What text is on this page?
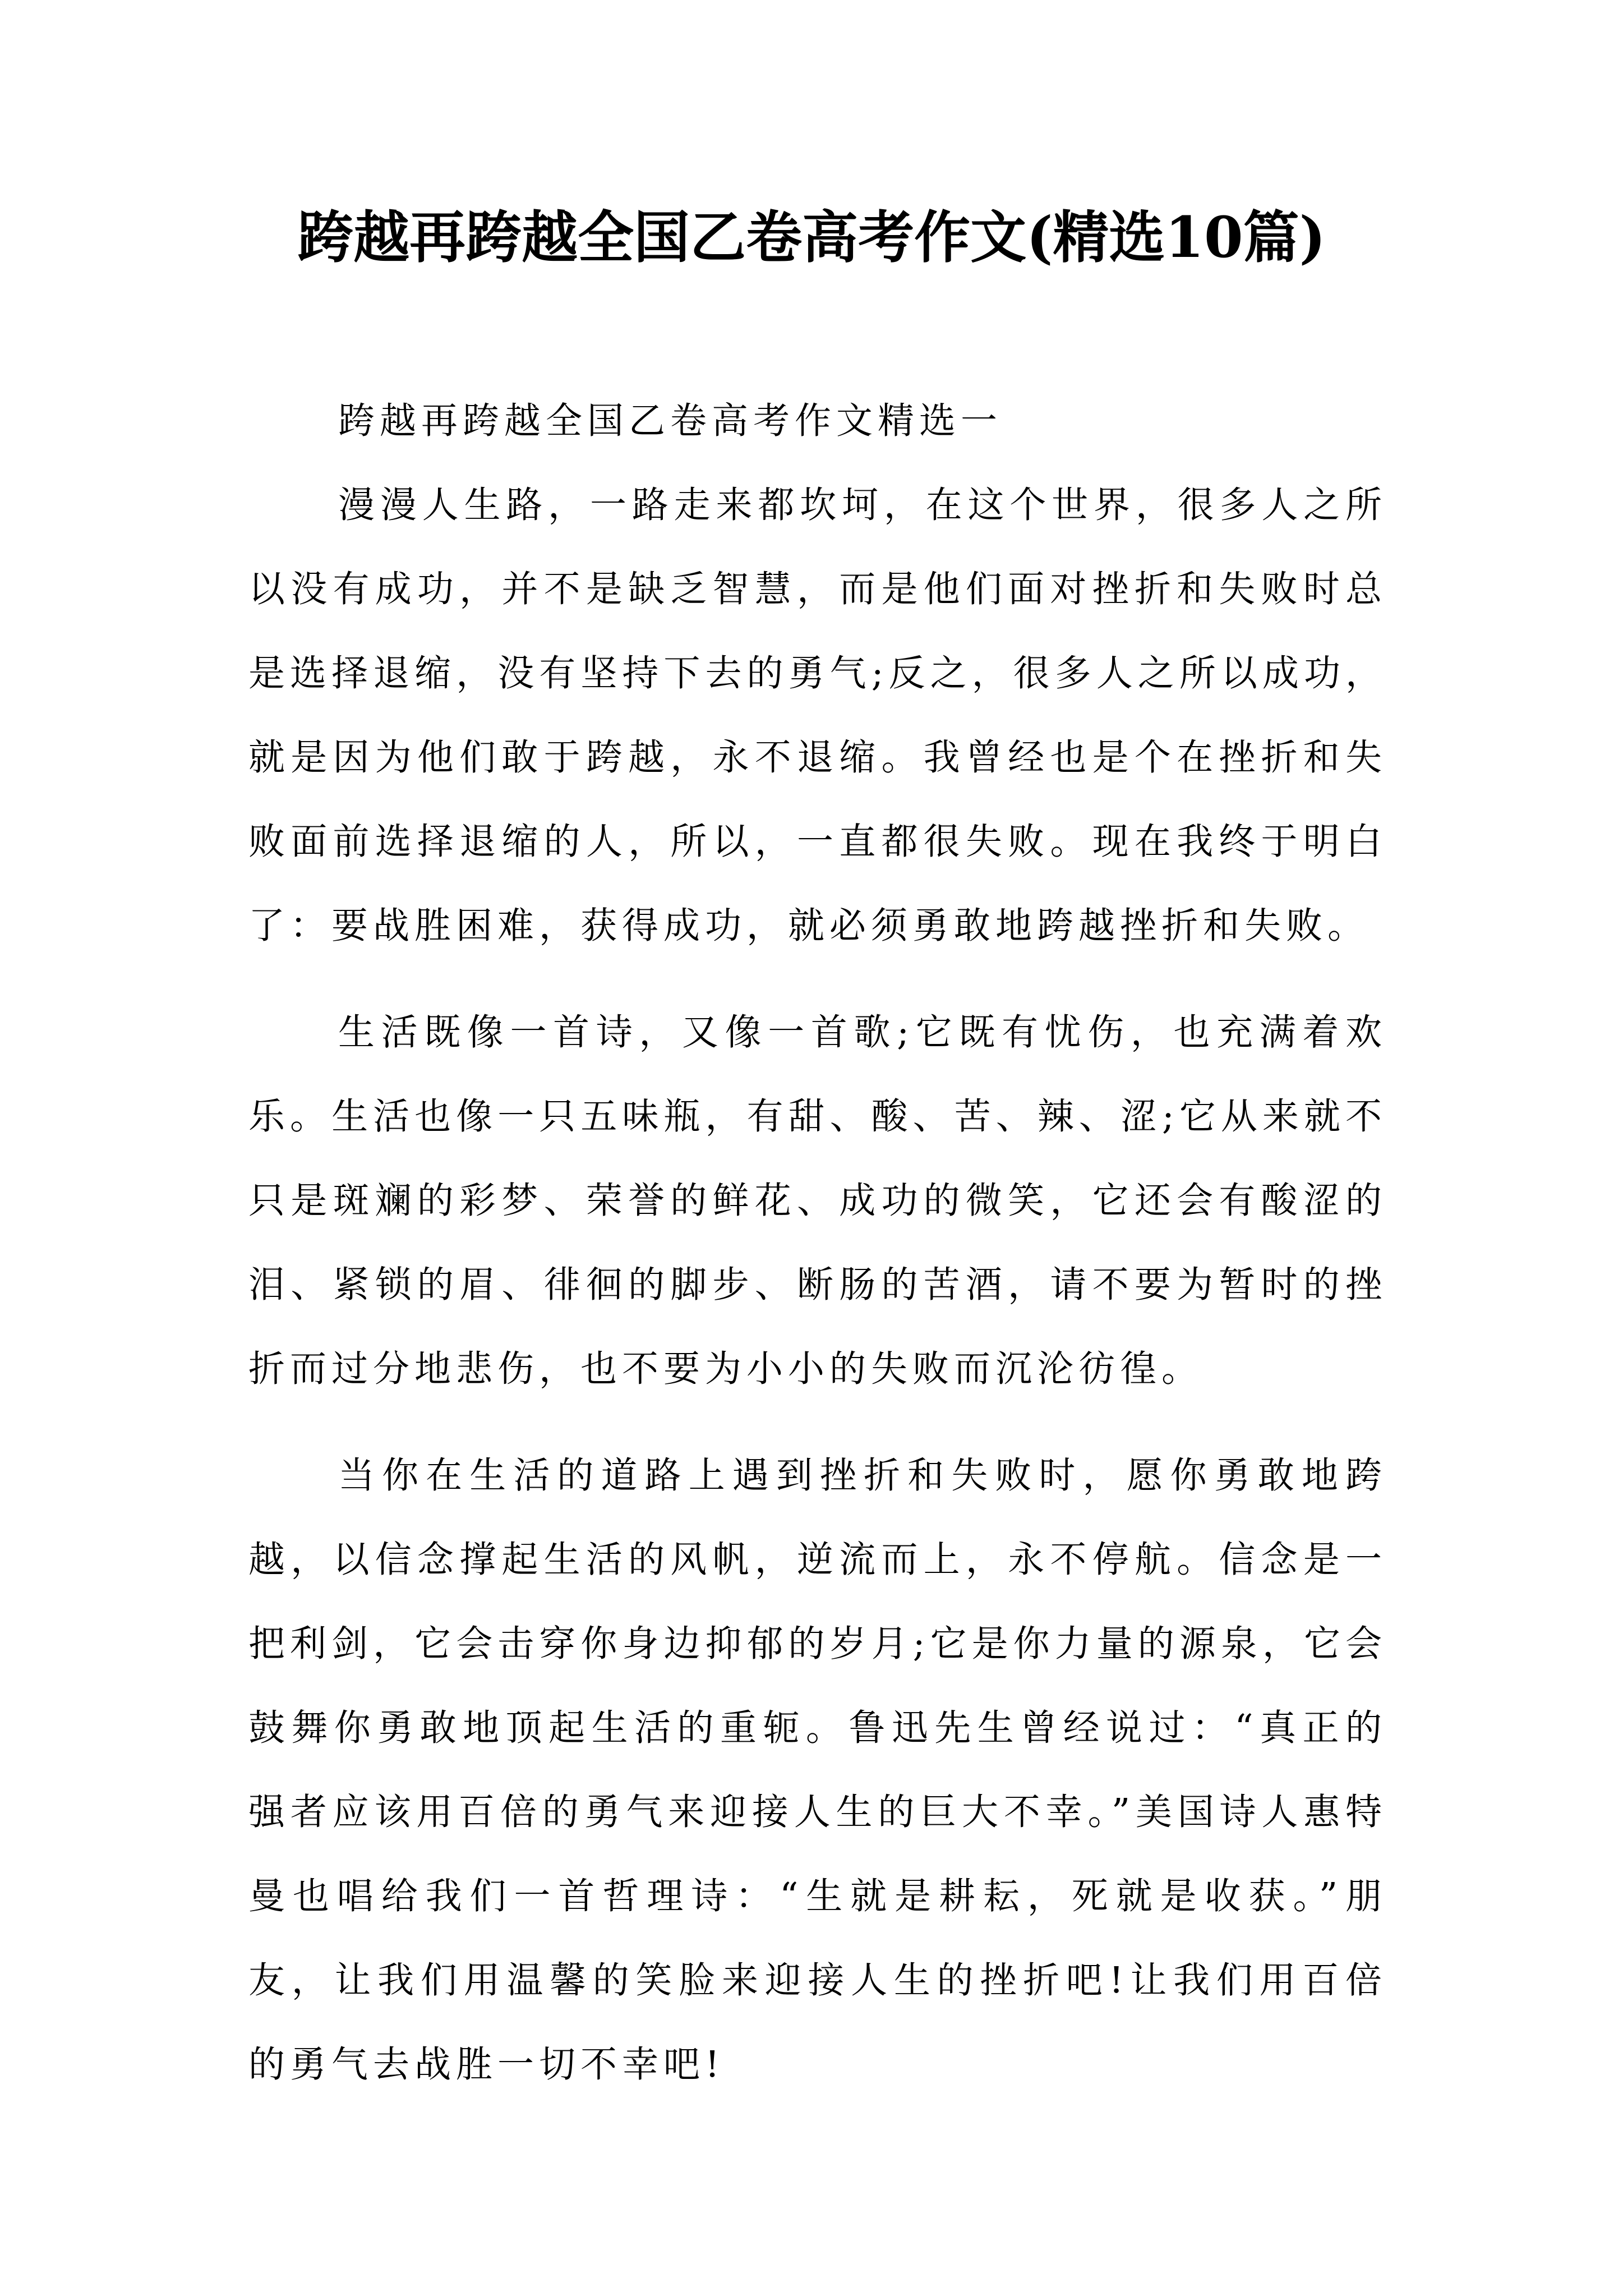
跨越再跨越全国乙卷高考作文(精选10篇)

跨越再跨越全国乙卷高考作文精选一

漫漫人生路，一路走来都坎坷，在这个世界，很多人之所以没有成功，并不是缺乏智慧，而是他们面对挫折和失败时总是选择退缩，没有坚持下去的勇气;反之，很多人之所以成功，就是因为他们敢于跨越，永不退缩。我曾经也是个在挫折和失败面前选择退缩的人，所以，一直都很失败。现在我终于明白了：要战胜困难，获得成功，就必须勇敢地跨越挫折和失败。

生活既像一首诗，又像一首歌;它既有忧伤，也充满着欢乐。生活也像一只五味瓶，有甜、酸、苦、辣、涩;它从来就不只是斑斓的彩梦、荣誉的鲜花、成功的微笑，它还会有酸涩的泪、紧锁的眉、徘徊的脚步、断肠的苦酒，请不要为暂时的挫折而过分地悲伤，也不要为小小的失败而沉沦彷徨。

当你在生活的道路上遇到挫折和失败时，愿你勇敢地跨越，以信念撑起生活的风帆，逆流而上，永不停航。信念是一把利剑，它会击穿你身边抑郁的岁月;它是你力量的源泉，它会鼓舞你勇敢地顶起生活的重轭。鲁迅先生曾经说过：“真正的强者应该用百倍的勇气来迎接人生的巨大不幸。”美国诗人惠特曼也唱给我们一首哲理诗：“生就是耕耘，死就是收获。”朋友，让我们用温馨的笑脸来迎接人生的挫折吧!让我们用百倍的勇气去战胜一切不幸吧!
